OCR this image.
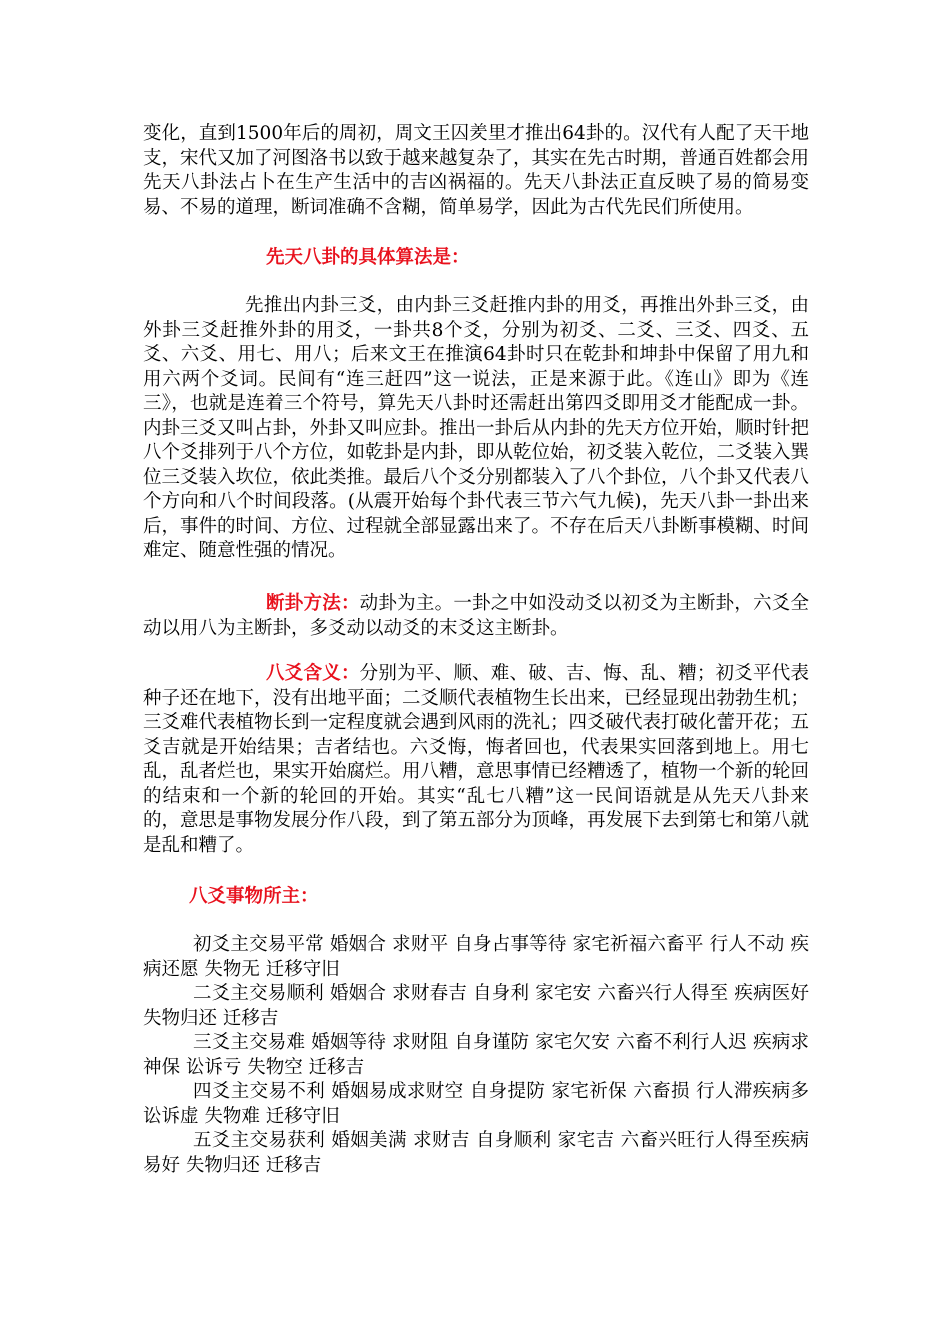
变化，直到1500年后的周初，周文王囚羑里才推出64卦的。汉代有人配了天干地支，宋代又加了河图洛书以致于越来越复杂了，其实在先古时期，普通百姓都会用先天八卦法占卜在生产生活中的吉凶祸福的。先天八卦法正直反映了易的简易变易、不易的道理，断词准确不含糊，简单易学，因此为古代先民们所使用。

先天八卦的具体算法是：

先推出内卦三爻，由内卦三爻赶推内卦的用爻，再推出外卦三爻，由外卦三爻赶推外卦的用爻，一卦共8个爻，分别为初爻、二爻、三爻、四爻、五爻、六爻、用七、用八；后来文王在推演64卦时只在乾卦和坤卦中保留了用九和用六两个爻词。民间有“连三赶四”这一说法，正是来源于此。《连山》即为《连三》，也就是连着三个符号，算先天八卦时还需赶出第四爻即用爻才能配成一卦。内卦三爻又叫占卦，外卦又叫应卦。推出一卦后从内卦的先天方位开始，顺时针把八个爻排列于八个方位，如乾卦是内卦，即从乾位始，初爻装入乾位，二爻装入巽位三爻装入坎位，依此类推。最后八个爻分别都装入了八个卦位，八个卦又代表八个方向和八个时间段落。(从震开始每个卦代表三节六气九候)，先天八卦一卦出来后，事件的时间、方位、过程就全部显露出来了。不存在后天八卦断事模糊、时间难定、随意性强的情况。

断卦方法：动卦为主。一卦之中如没动爻以初爻为主断卦，六爻全动以用八为主断卦，多爻动以动爻的末爻这主断卦。

八爻含义：分别为平、顺、难、破、吉、悔、乱、糟；初爻平代表种子还在地下，没有出地平面；二爻顺代表植物生长出来，已经显现出勃勃生机；三爻难代表植物长到一定程度就会遇到风雨的洗礼；四爻破代表打破化蕾开花；五爻吉就是开始结果；吉者结也。六爻悔，悔者回也，代表果实回落到地上。用七乱，乱者烂也，果实开始腐烂。用八糟，意思事情已经糟透了，植物一个新的轮回的结束和一个新的轮回的开始。其实“乱七八糟”这一民间语就是从先天八卦来的，意思是事物发展分作八段，到了第五部分为顶峰，再发展下去到第七和第八就是乱和糟了。

八爻事物所主：

初爻主交易平常 婚姻合 求财平 自身占事等待 家宅祈福六畜平 行人不动 疾病还愿 失物无 迁移守旧

二爻主交易顺利 婚姻合 求财春吉 自身利 家宅安 六畜兴行人得至 疾病医好 失物归还 迁移吉

三爻主交易难 婚姻等待 求财阻 自身谨防 家宅欠安 六畜不利行人迟 疾病求神保 讼诉亏 失物空 迁移吉

四爻主交易不利 婚姻易成求财空 自身提防 家宅祈保 六畜损 行人滞疾病多 讼诉虚 失物难 迁移守旧

五爻主交易获利 婚姻美满 求财吉 自身顺利 家宅吉 六畜兴旺行人得至疾病易好 失物归还 迁移吉
